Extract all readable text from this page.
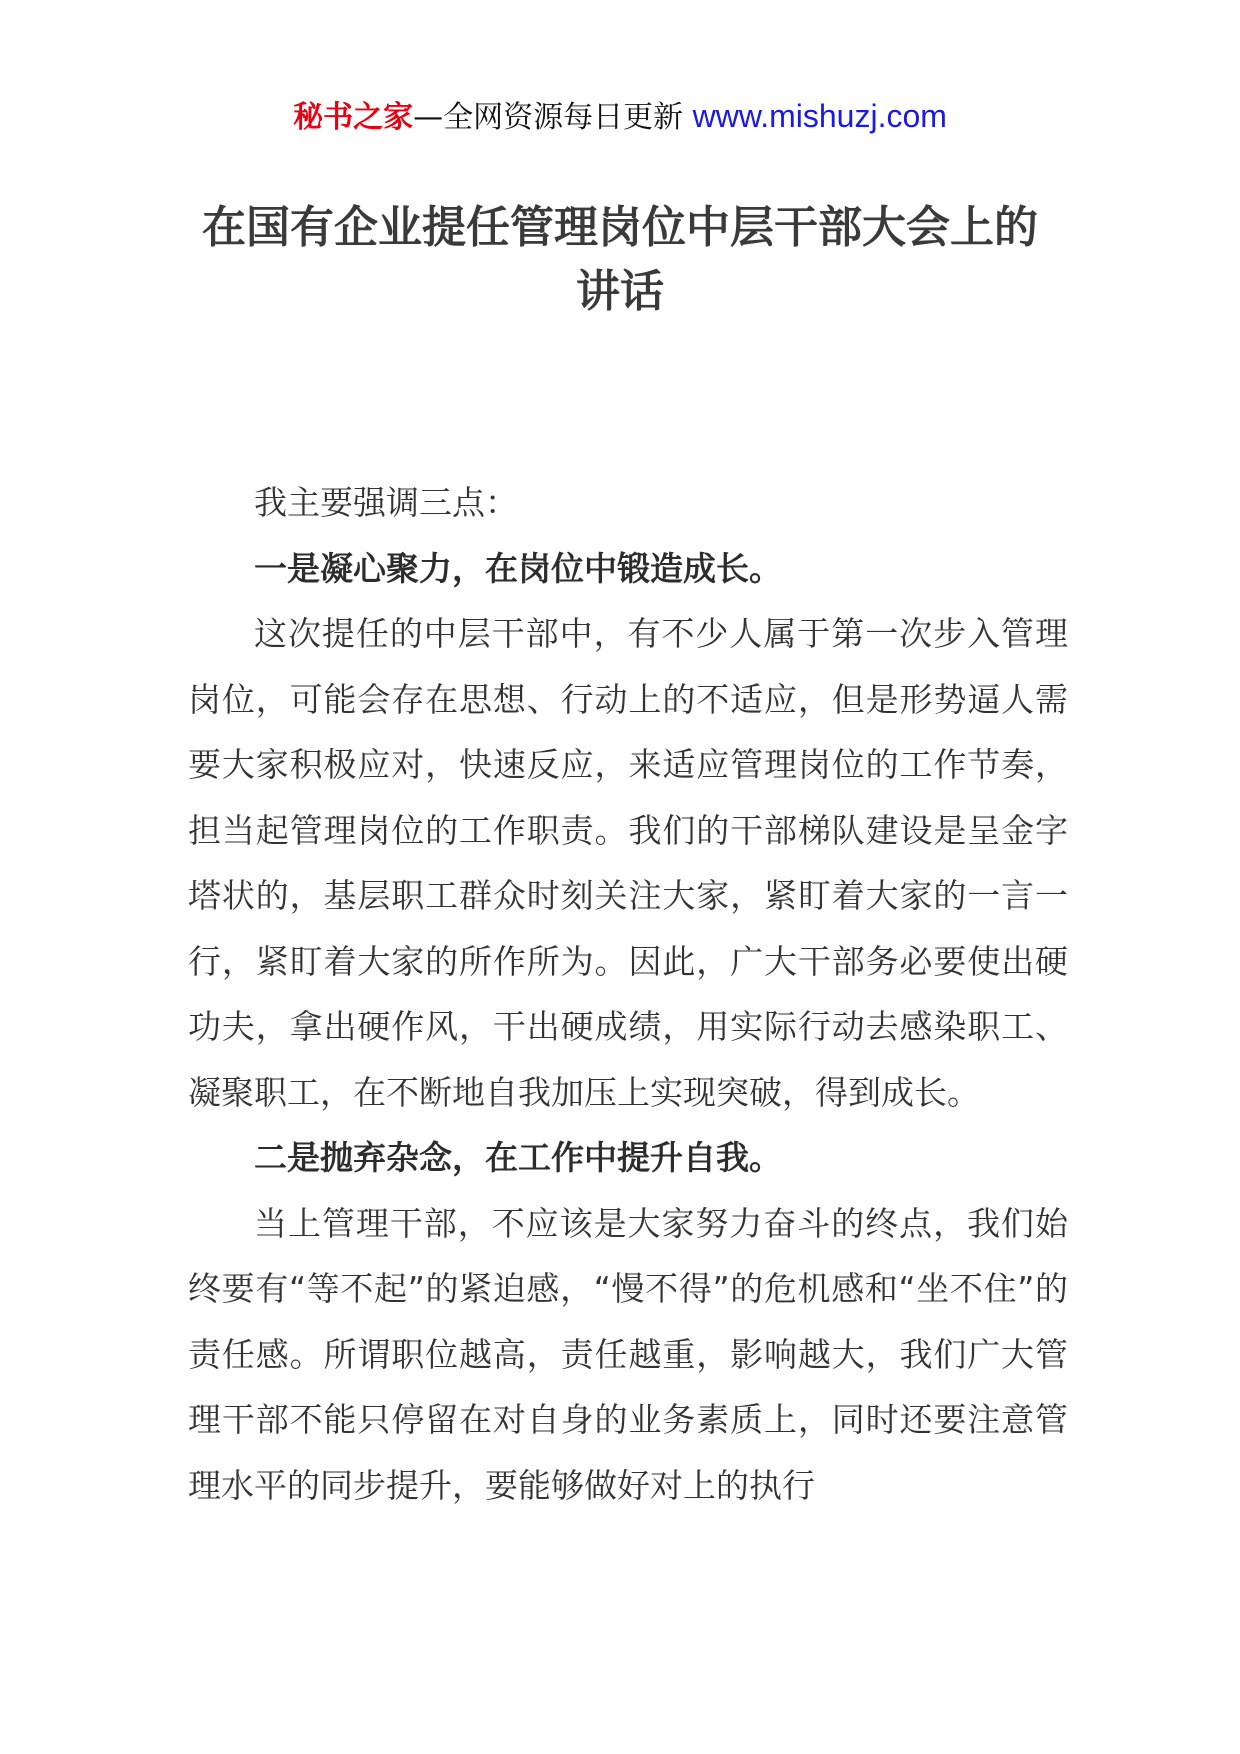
秘书之家—全网资源每日更新 www.mishuzj.com
在国有企业提任管理岗位中层干部大会上的讲话

我主要强调三点：

一是凝心聚力，在岗位中锻造成长。

这次提任的中层干部中，有不少人属于第一次步入管理岗位，可能会存在思想、行动上的不适应，但是形势逼人需要大家积极应对，快速反应，来适应管理岗位的工作节奏，担当起管理岗位的工作职责。我们的干部梯队建设是呈金字塔状的，基层职工群众时刻关注大家，紧盯着大家的一言一行，紧盯着大家的所作所为。因此，广大干部务必要使出硬功夫，拿出硬作风，干出硬成绩，用实际行动去感染职工、凝聚职工，在不断地自我加压上实现突破，得到成长。

二是抛弃杂念，在工作中提升自我。

当上管理干部，不应该是大家努力奋斗的终点，我们始终要有“等不起”的紧迫感，“慢不得”的危机感和“坐不住”的责任感。所谓职位越高，责任越重，影响越大，我们广大管理干部不能只停留在对自身的业务素质上，同时还要注意管理水平的同步提升，要能够做好对上的执行
